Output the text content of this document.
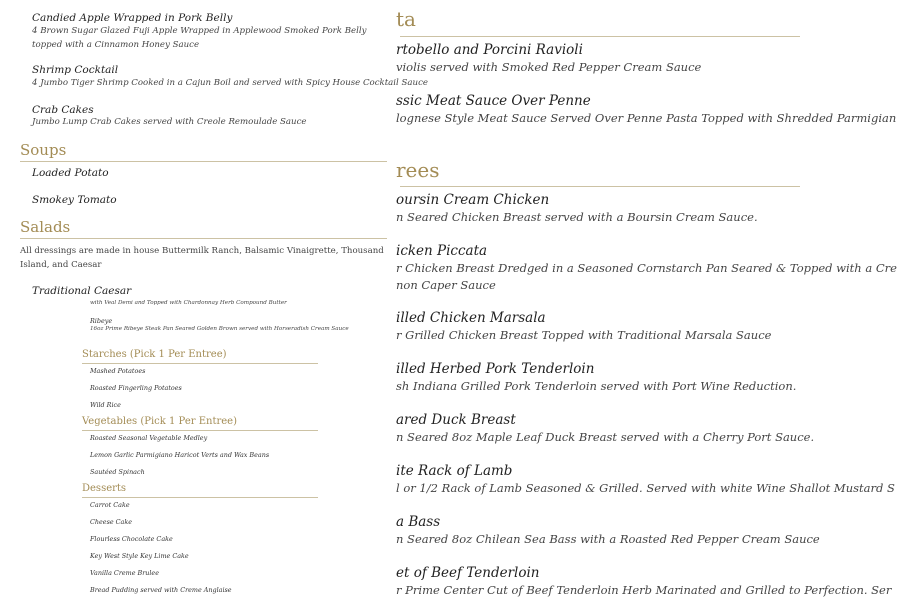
Candied Apple Wrapped in Pork Belly
4 Brown Sugar Glazed Fuji Apple Wrapped in Applewood Smoked Pork Belly topped with a Cinnamon Honey Sauce
Shrimp Cocktail
4 Jumbo Tiger Shrimp Cooked in a Cajun Boil and served with Spicy House Cocktail Sauce
Crab Cakes
Jumbo Lump Crab Cakes served with Creole Remoulade Sauce
Soups
Loaded Potato
Smokey Tomato
Salads
All dressings are made in house Buttermilk Ranch, Balsamic Vinaigrette, Thousand Island, and Caesar
Traditional Caesar
with Veal Demi and Topped with Chardonnay Herb Compound Butter
Ribeye
16oz Prime Ribeye Steak Pan Seared Golden Brown served with Horseradish Cream Sauce
Starches (Pick 1 Per Entree)
Mashed Potatoes
Roasted Fingerling Potatoes
Wild Rice
Vegetables (Pick 1 Per Entree)
Roasted Seasonal Vegetable Medley
Lemon Garlic Parmigiano Haricot Verts and Wax Beans
Sautéed Spinach
Desserts
Carrot Cake
Cheese Cake
Flourless Chocolate Cake
Key West Style Key Lime Cake
Vanilla Creme Brulee
Bread Pudding served with Creme Anglaise
ta
rtobello and Porcini Ravioli
violis served with Smoked Red Pepper Cream Sauce
ssic Meat Sauce Over Penne
lognese Style Meat Sauce Served Over Penne Pasta Topped with Shredded Parmigian
rees
oursin Cream Chicken
n Seared Chicken Breast served with a Boursin Cream Sauce.
icken Piccata
r Chicken Breast Dredged in a Seasoned Cornstarch Pan Seared & Topped with a Cre
non Caper Sauce
illed Chicken Marsala
r Grilled Chicken Breast Topped with Traditional Marsala Sauce
illed Herbed Pork Tenderloin
sh Indiana Grilled Pork Tenderloin served with Port Wine Reduction.
ared Duck Breast
n Seared 8oz Maple Leaf Duck Breast served with a Cherry Port Sauce.
ite Rack of Lamb
l or 1/2 Rack of Lamb Seasoned & Grilled. Served with white Wine Shallot Mustard S
a Bass
n Seared 8oz Chilean Sea Bass with a Roasted Red Pepper Cream Sauce
et of Beef Tenderloin
r Prime Center Cut of Beef Tenderloin Herb Marinated and Grilled to Perfection. Ser
